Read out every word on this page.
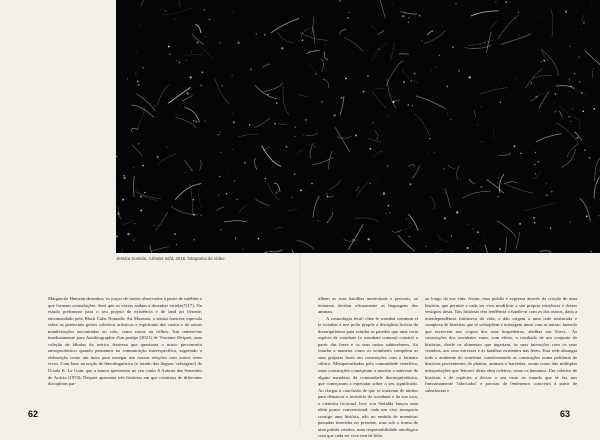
Jessica Sumida, n.títulos nd/d, 2018, fotograma de vídeo

Marguerite Humeau desenhou 'os traços de vazios observados a partir de satélites e que formam constelações. Será que os vazios andam a desenhar estrelas?'(17). No estudo preliminar para o seu projeto de existência e de land art Oriente, encomendado pelo Black Cube Nomadic Art Museum, a artista francesa especula sobre os potenciais gestos coletivos artísticos e espirituais dos vazios e de outras manifestações encontradas no solo, como rastos ou trilhos. Isto remete-me imediatamente para Autobiographie d'un poulpe (2021) de Vinciane Despret, uma coleção de fábulas da teórica francesa que questiona o nosso preconceito antropocêntrico quando pensamos na comunicação interespecífica, sugerindo a elaboração como um meio para navegar nas nossas relações com outros seres vivos. Com base na noção de therolinguistica (o estudo das línguas 'selvagens') de Ursula K. Le Guin, que a autora apresentou no seu conto A Autoria das Sementes de Acácia (1974), Despret apresenta três histórias em que cientistas de diferentes disciplinas par-

tilham as suas batalhas intelectuais e pessoais, ao tentarem decifrar eficazmente as linguagens dos animais.

A cosmologia fecal: chez le wombat commun et le wombat à nez poilu propõe a disciplina fictícia da therarquitetura para estudar as paredes que uma certa espécie de wombate (o wombate comum) constrói a partir das fezes e os seus rastos subterrâneos. Ao estudar a maneira como os wombates compõem as suas próprias fezes em construções com o formato cúbico. Metaperturbadas pela comunidade científica, estas construções começaram a suscitar o interesse de alguns membros da comunidade therarquitetônica, que começaram a especular sobre o seu significado. Ao chegar à conclusão de que se tratavam de ninhos para demarcar o território do wombate e da sua toca, o cientista ficcional Joey von Stefalda lançou uma ideia pouco convencional: cada um vivo transporta consigo uma história, não no sentido de memórias passadas inseridas no presente, mas sob a forma de uma pulsão criativa, uma responsabilidade ontológica com que cada ser vivo tem de lidar

ao longo da sua vida. Assim, essa pulsão é expressa através da criação de uma história, que permite a cada ser vivo modificar a sua própria existência e deixar vestígios desta. Tais histórias têm tendência a fundir-se com as dos outros, dada a interdependência intrínseca da vida, e dão origem a uma rede intrincada e complexa de histórias que se sobrepõem e interagem umas com as outras: fazendo que escrevem nos corpos dos seus hospedeiros, abelhas nas flores... As construções dos wombates eram, com efeito, o resultado de um conjunto de histórias, desde os alimentos que ingeriam, às suas interações com os seus vizinhos, aos seus estresses e às batalhas existentes nas fezes. Esta rede abrangia todo o ambiente do wombate, transformando as construções numa polifonia de histórias provenientes de plantas, animais e bactérias, assim como das múltiplas interpretações que 'leitores' desta obra coletiva, como os humanos. Um coletivo de histórias e de espécies a deixar o seu rasto no mundo que se faz nos finissimamente 'fabricados' e porosas de fenómenos concretos à partir de substâncias e

62	63
